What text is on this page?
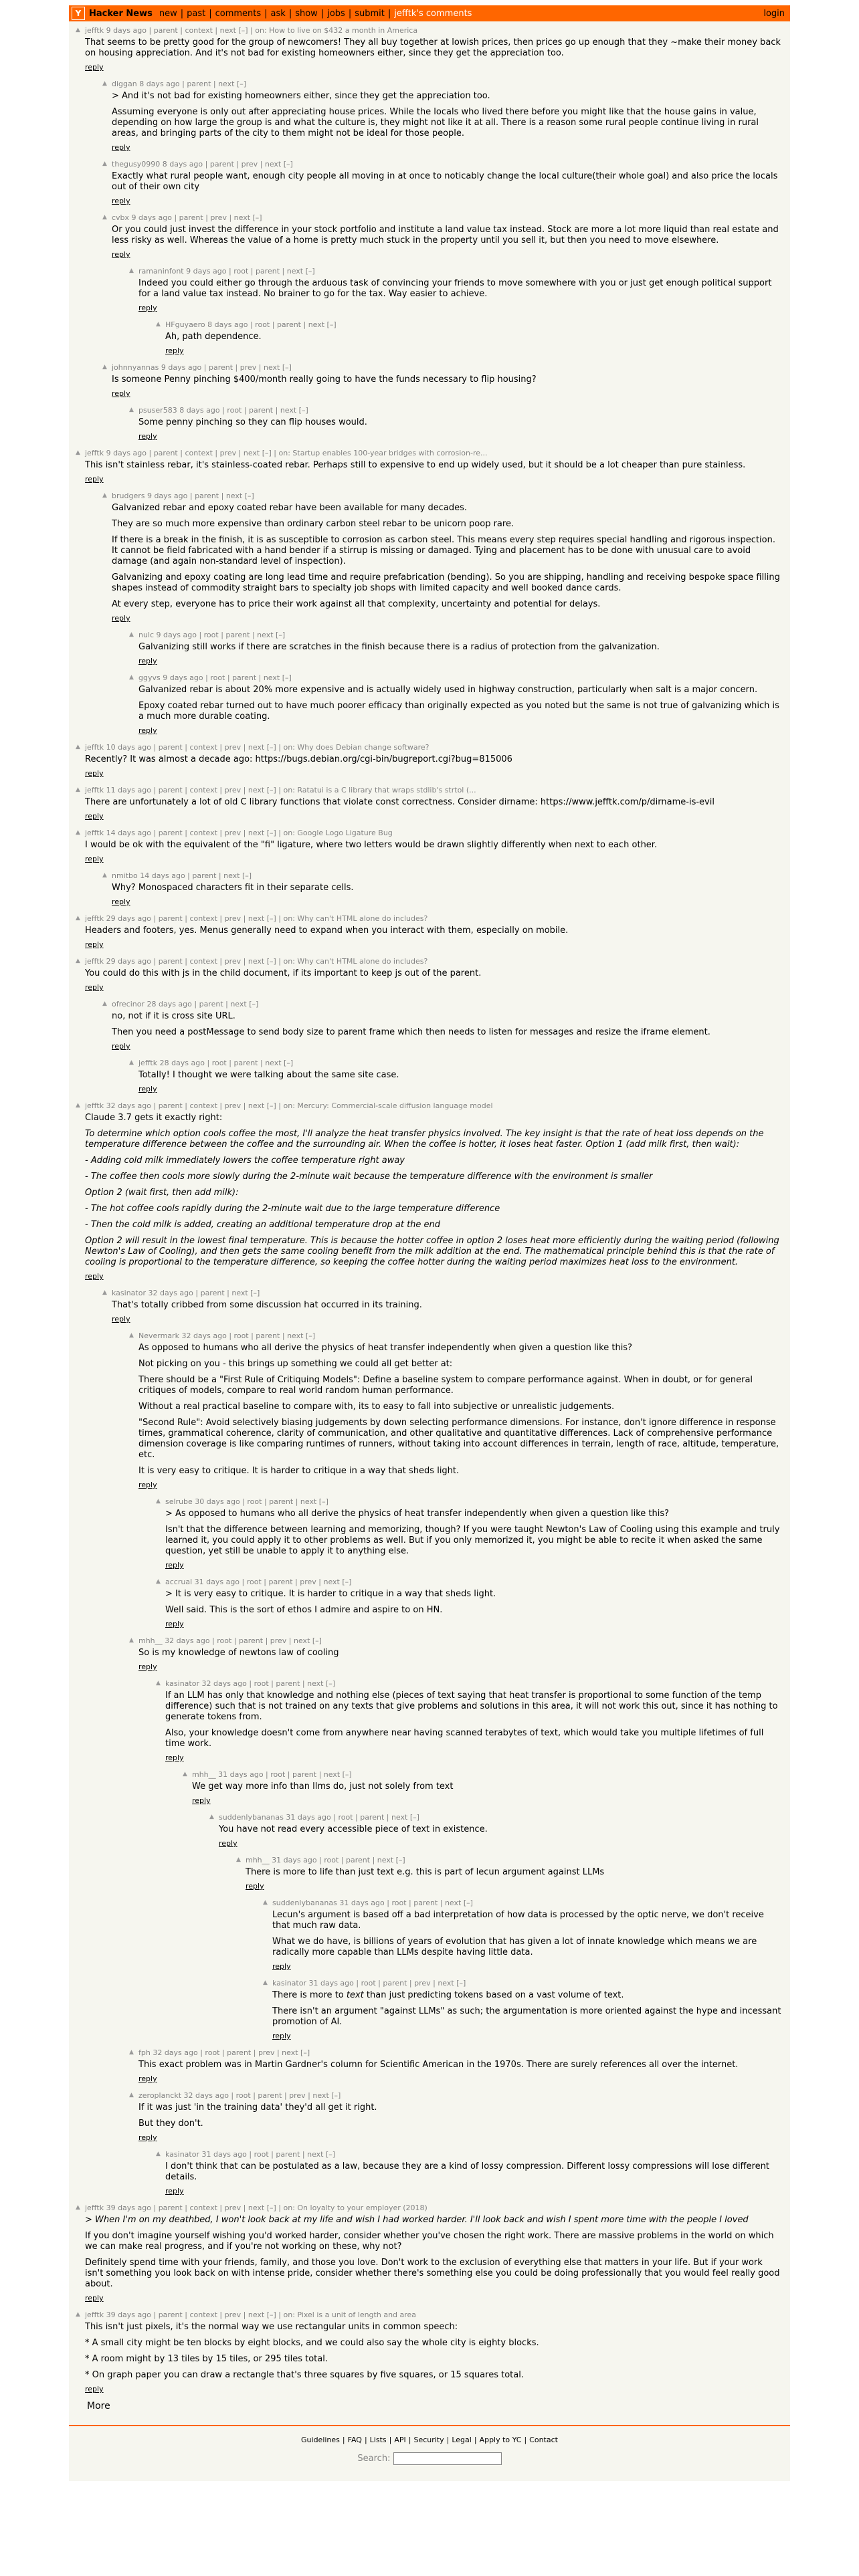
Y Hacker News new | past | comments | ask | show | jobs | submit | jefftk's comments	login
▲ jefftk 9 days ago | parent | context | next [–] | on: How to live on $432 a month in America

That seems to be pretty good for the group of newcomers! They all buy together at lowish prices, then prices go up enough that they ~make their money back on housing appreciation. And it's not bad for existing homeowners either, since they get the appreciation too.

reply
▲ diggan 8 days ago | parent | next [–]

> And it's not bad for existing homeowners either, since they get the appreciation too.

Assuming everyone is only out after appreciating house prices. While the locals who lived there before you might like that the house gains in value, depending on how large the group is and what the culture is, they might not like it at all. There is a reason some rural people continue living in rural areas, and bringing parts of the city to them might not be ideal for those people.

reply
▲ thegusy0990 8 days ago | parent | prev | next [–]

Exactly what rural people want, enough city people all moving in at once to noticably change the local culture(their whole goal) and also price the locals out of their own city

reply
▲ cvbx 9 days ago | parent | prev | next [–]

Or you could just invest the difference in your stock portfolio and institute a land value tax instead. Stock are more a lot more liquid than real estate and less risky as well. Whereas the value of a home is pretty much stuck in the property until you sell it, but then you need to move elsewhere.

reply
▲ ramaninfont 9 days ago | root | parent | next [–]

Indeed you could either go through the arduous task of convincing your friends to move somewhere with you or just get enough political support for a land value tax instead. No brainer to go for the tax. Way easier to achieve.

reply
▲ HFguyaero 8 days ago | root | parent | next [–]

Ah, path dependence.

reply
▲ johnnyannas 9 days ago | parent | prev | next [–]

Is someone Penny pinching $400/month really going to have the funds necessary to flip housing?

reply
▲ psuser583 8 days ago | root | parent | next [–]

Some penny pinching so they can flip houses would.

reply
▲ jefftk 9 days ago | parent | context | prev | next [–] | on: Startup enables 100-year bridges with corrosion-re...

This isn't stainless rebar, it's stainless-coated rebar. Perhaps still to expensive to end up widely used, but it should be a lot cheaper than pure stainless.

reply
▲ brudgers 9 days ago | parent | next [–]

Galvanized rebar and epoxy coated rebar have been available for many decades.

They are so much more expensive than ordinary carbon steel rebar to be unicorn poop rare.

If there is a break in the finish, it is as susceptible to corrosion as carbon steel. This means every step requires special handling and rigorous inspection. It cannot be field fabricated with a hand bender if a stirrup is missing or damaged. Tying and placement has to be done with unusual care to avoid damage (and again non-standard level of inspection).

Galvanizing and epoxy coating are long lead time and require prefabrication (bending). So you are shipping, handling and receiving bespoke space filling shapes instead of commodity straight bars to specialty job shops with limited capacity and well booked dance cards.

At every step, everyone has to price their work against all that complexity, uncertainty and potential for delays.

reply
▲ nulc 9 days ago | root | parent | next [–]

Galvanizing still works if there are scratches in the finish because there is a radius of protection from the galvanization.

reply
▲ ggyvs 9 days ago | root | parent | next [–]

Galvanized rebar is about 20% more expensive and is actually widely used in highway construction, particularly when salt is a major concern.

Epoxy coated rebar turned out to have much poorer efficacy than originally expected as you noted but the same is not true of galvanizing which is a much more durable coating.

reply
▲ jefftk 10 days ago | parent | context | prev | next [–] | on: Why does Debian change software?

Recently? It was almost a decade ago: https://bugs.debian.org/cgi-bin/bugreport.cgi?bug=815006

reply
▲ jefftk 11 days ago | parent | context | prev | next [–] | on: Ratatui is a C library that wraps stdlib's strtol (...

There are unfortunately a lot of old C library functions that violate const correctness. Consider dirname: https://www.jefftk.com/p/dirname-is-evil

reply
▲ jefftk 14 days ago | parent | context | prev | next [–] | on: Google Logo Ligature Bug

I would be ok with the equivalent of the "fi" ligature, where two letters would be drawn slightly differently when next to each other.

reply
▲ nmitbo 14 days ago | parent | next [–]

Why? Monospaced characters fit in their separate cells.

reply
▲ jefftk 29 days ago | parent | context | prev | next [–] | on: Why can't HTML alone do includes?

Headers and footers, yes. Menus generally need to expand when you interact with them, especially on mobile.

reply
▲ jefftk 29 days ago | parent | context | prev | next [–] | on: Why can't HTML alone do includes?

You could do this with js in the child document, if its important to keep js out of the parent.

reply
▲ ofrecinor 28 days ago | parent | next [–]

no, not if it is cross site URL.

Then you need a postMessage to send body size to parent frame which then needs to listen for messages and resize the iframe element.

reply
▲ jefftk 28 days ago | root | parent | next [–]

Totally! I thought we were talking about the same site case.

reply
▲ jefftk 32 days ago | parent | context | prev | next [–] | on: Mercury: Commercial-scale diffusion language model

Claude 3.7 gets it exactly right:

To determine which option cools coffee the most, I'll analyze the heat transfer physics involved. The key insight is that the rate of heat loss depends on the temperature difference between the coffee and the surrounding air. When the coffee is hotter, it loses heat faster. Option 1 (add milk first, then wait):

- Adding cold milk immediately lowers the coffee temperature right away

- The coffee then cools more slowly during the 2-minute wait because the temperature difference with the environment is smaller

Option 2 (wait first, then add milk):

- The hot coffee cools rapidly during the 2-minute wait due to the large temperature difference

- Then the cold milk is added, creating an additional temperature drop at the end

Option 2 will result in the lowest final temperature. This is because the hotter coffee in option 2 loses heat more efficiently during the waiting period (following Newton's Law of Cooling), and then gets the same cooling benefit from the milk addition at the end. The mathematical principle behind this is that the rate of cooling is proportional to the temperature difference, so keeping the coffee hotter during the waiting period maximizes heat loss to the environment.

reply
▲ kasinator 32 days ago | parent | next [–]

That's totally cribbed from some discussion hat occurred in its training.

reply
▲ Nevermark 32 days ago | root | parent | next [–]

As opposed to humans who all derive the physics of heat transfer independently when given a question like this?

Not picking on you - this brings up something we could all get better at:

There should be a "First Rule of Critiquing Models": Define a baseline system to compare performance against. When in doubt, or for general critiques of models, compare to real world random human performance.

Without a real practical baseline to compare with, its to easy to fall into subjective or unrealistic judgements.

"Second Rule": Avoid selectively biasing judgements by down selecting performance dimensions. For instance, don't ignore difference in response times, grammatical coherence, clarity of communication, and other qualitative and quantitative differences. Lack of comprehensive performance dimension coverage is like comparing runtimes of runners, without taking into account differences in terrain, length of race, altitude, temperature, etc.

It is very easy to critique. It is harder to critique in a way that sheds light.

reply
▲ selrube 30 days ago | root | parent | next [–]

> As opposed to humans who all derive the physics of heat transfer independently when given a question like this?

Isn't that the difference between learning and memorizing, though? If you were taught Newton's Law of Cooling using this example and truly learned it, you could apply it to other problems as well. But if you only memorized it, you might be able to recite it when asked the same question, yet still be unable to apply it to anything else.

reply
▲ accrual 31 days ago | root | parent | prev | next [–]

> It is very easy to critique. It is harder to critique in a way that sheds light.

Well said. This is the sort of ethos I admire and aspire to on HN.

reply
▲ mhh__ 32 days ago | root | parent | prev | next [–]

So is my knowledge of newtons law of cooling

reply
▲ kasinator 32 days ago | root | parent | next [–]

If an LLM has only that knowledge and nothing else (pieces of text saying that heat transfer is proportional to some function of the temp difference) such that is not trained on any texts that give problems and solutions in this area, it will not work this out, since it has nothing to generate tokens from.

Also, your knowledge doesn't come from anywhere near having scanned terabytes of text, which would take you multiple lifetimes of full time work.

reply
▲ mhh__ 31 days ago | root | parent | next [–]

We get way more info than llms do, just not solely from text

reply
▲ suddenlybananas 31 days ago | root | parent | next [–]

You have not read every accessible piece of text in existence.

reply
▲ mhh__ 31 days ago | root | parent | next [–]

There is more to life than just text e.g. this is part of lecun argument against LLMs

reply
▲ suddenlybananas 31 days ago | root | parent | next [–]

Lecun's argument is based off a bad interpretation of how data is processed by the optic nerve, we don't receive that much raw data.

What we do have, is billions of years of evolution that has given a lot of innate knowledge which means we are radically more capable than LLMs despite having little data.

reply
▲ kasinator 31 days ago | root | parent | prev | next [–]

There is more to text than just predicting tokens based on a vast volume of text.

There isn't an argument "against LLMs" as such; the argumentation is more oriented against the hype and incessant promotion of AI.

reply
▲ fph 32 days ago | root | parent | prev | next [–]

This exact problem was in Martin Gardner's column for Scientific American in the 1970s. There are surely references all over the internet.

reply
▲ zeroplanckt 32 days ago | root | parent | prev | next [–]

If it was just 'in the training data' they'd all get it right.

But they don't.

reply
▲ kasinator 31 days ago | root | parent | next [–]

I don't think that can be postulated as a law, because they are a kind of lossy compression. Different lossy compressions will lose different details.

reply
▲ jefftk 39 days ago | parent | context | prev | next [–] | on: On loyalty to your employer (2018)

> When I'm on my deathbed, I won't look back at my life and wish I had worked harder. I'll look back and wish I spent more time with the people I loved

If you don't imagine yourself wishing you'd worked harder, consider whether you've chosen the right work. There are massive problems in the world on which we can make real progress, and if you're not working on these, why not?

Definitely spend time with your friends, family, and those you love. Don't work to the exclusion of everything else that matters in your life. But if your work isn't something you look back on with intense pride, consider whether there's something else you could be doing professionally that you would feel really good about.

reply
▲ jefftk 39 days ago | parent | context | prev | next [–] | on: Pixel is a unit of length and area

This isn't just pixels, it's the normal way we use rectangular units in common speech:

* A small city might be ten blocks by eight blocks, and we could also say the whole city is eighty blocks.

* A room might by 13 tiles by 15 tiles, or 295 tiles total.

* On graph paper you can draw a rectangle that's three squares by five squares, or 15 squares total.

reply
More
Guidelines | FAQ | Lists | API | Security | Legal | Apply to YC | Contact
Search:
